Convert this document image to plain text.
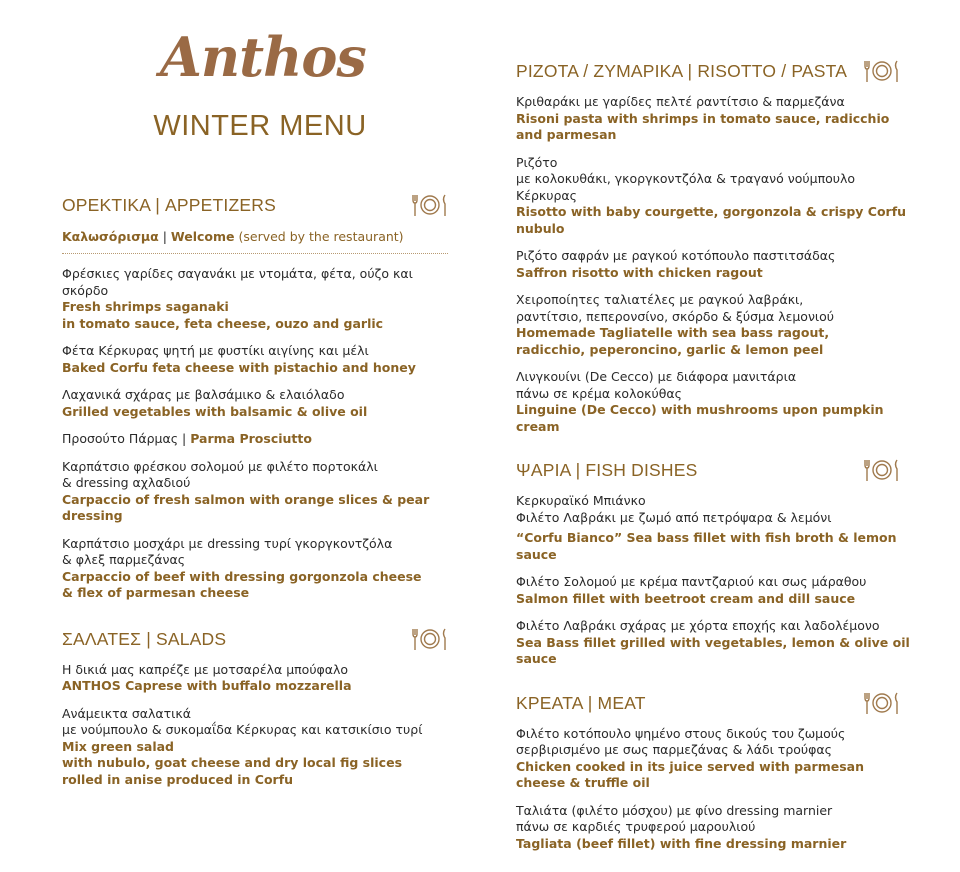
Anthos
WINTER MENU
ΟΡΕΚΤΙΚΑ | APPETIZERS
Καλωσόρισμα | Welcome (served by the restaurant)
Φρέσκιες γαρίδες σαγανάκι με ντομάτα, φέτα, ούζο και σκόρδο
Fresh shrimps saganaki
in tomato sauce, feta cheese, ouzo and garlic
Φέτα Κέρκυρας ψητή με φυστίκι αιγίνης και μέλι
Baked Corfu feta cheese with pistachio and honey
Λαχανικά σχάρας με βαλσάμικο & ελαιόλαδο
Grilled vegetables with balsamic & olive oil
Προσούτο Πάρμας | Parma Prosciutto
Καρπάτσιο φρέσκου σολομού με φιλέτο πορτοκάλι
& dressing αχλαδιού
Carpaccio of fresh salmon with orange slices & pear dressing
Καρπάτσιο μοσχάρι με dressing τυρί γκοργκοντζόλα
& φλεξ παρμεζάνας
Carpaccio of beef with dressing gorgonzola cheese
& flex of parmesan cheese
ΣΑΛΑΤΕΣ | SALADS
Η δικιά μας καπρέζε με μοτσαρέλα μπούφαλο
ANTHOS Caprese with buffalo mozzarella
Ανάμεικτα σαλατικά
με νούμπουλο & συκομαΐδα Κέρκυρας και κατσικίσιο τυρί
Mix green salad
with nubulo, goat cheese and dry local fig slices
rolled in anise produced in Corfu
ΡΙΖΟΤΑ / ΖΥΜΑΡΙΚΑ | RISOTTO / PASTA
Κριθαράκι με γαρίδες πελτέ ραντίτσιο & παρμεζάνα
Risoni pasta with shrimps in tomato sauce, radicchio and parmesan
Ριζότο
με κολοκυθάκι, γκοργκοντζόλα & τραγανό νούμπουλο Κέρκυρας
Risotto with baby courgette, gorgonzola & crispy Corfu nubulo
Ριζότο σαφράν με ραγκού κοτόπουλο παστιτσάδας
Saffron risotto with chicken ragout
Χειροποίητες ταλιατέλες με ραγκού λαβράκι,
ραντίτσιο, πεπερονσίνο, σκόρδο & ξύσμα λεμονιού
Homemade Tagliatelle with sea bass ragout,
radicchio, peperoncino, garlic & lemon peel
Λινγκουίνι (De Cecco) με διάφορα μανιτάρια
πάνω σε κρέμα κολοκύθας
Linguine (De Cecco) with mushrooms upon pumpkin cream
ΨΑΡΙΑ | FISH DISHES
Κερκυραϊκό Μπιάνκο
Φιλέτο Λαβράκι με ζωμό από πετρόψαρα & λεμόνι
“Corfu Bianco” Sea bass fillet with fish broth & lemon sauce
Φιλέτο Σολομού με κρέμα παντζαριού και σως μάραθου
Salmon fillet with beetroot cream and dill sauce
Φιλέτο Λαβράκι σχάρας με χόρτα εποχής και λαδολέμονο
Sea Bass fillet grilled with vegetables, lemon & olive oil sauce
ΚΡΕΑΤΑ | MEAT
Φιλέτο κοτόπουλο ψημένο στους δικούς του ζωμούς
σερβιρισμένο με σως παρμεζάνας & λάδι τρούφας
Chicken cooked in its juice served with parmesan
cheese & truffle oil
Ταλιάτα (φιλέτο μόσχου) με φίνο dressing marnier
πάνω σε καρδιές τρυφερού μαρουλιού
Tagliata (beef fillet) with fine dressing marnier
